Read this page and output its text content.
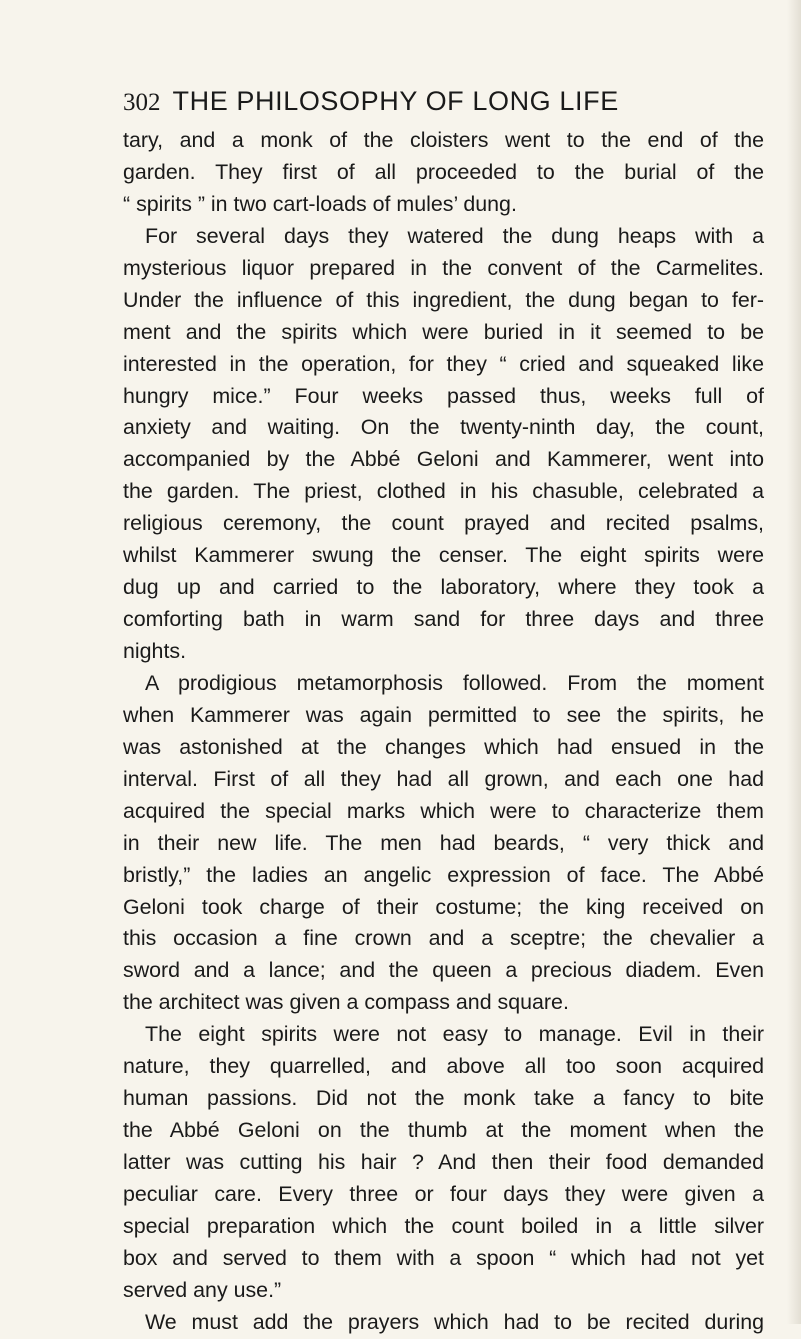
302 THE PHILOSOPHY OF LONG LIFE
tary, and a monk of the cloisters went to the end of the
garden. They first of all proceeded to the burial of the
“ spirits ” in two cart-loads of mules’ dung.
For several days they watered the dung heaps with a
mysterious liquor prepared in the convent of the Carmelites.
Under the influence of this ingredient, the dung began to fer-
ment and the spirits which were buried in it seemed to be
interested in the operation, for they “ cried and squeaked like
hungry mice.” Four weeks passed thus, weeks full of
anxiety and waiting. On the twenty-ninth day, the count,
accompanied by the Abbé Geloni and Kammerer, went into
the garden. The priest, clothed in his chasuble, celebrated a
religious ceremony, the count prayed and recited psalms,
whilst Kammerer swung the censer. The eight spirits were
dug up and carried to the laboratory, where they took a
comforting bath in warm sand for three days and three
nights.
A prodigious metamorphosis followed. From the moment
when Kammerer was again permitted to see the spirits, he
was astonished at the changes which had ensued in the
interval. First of all they had all grown, and each one had
acquired the special marks which were to characterize them
in their new life. The men had beards, “ very thick and
bristly,” the ladies an angelic expression of face. The Abbé
Geloni took charge of their costume; the king received on
this occasion a fine crown and a sceptre; the chevalier a
sword and a lance; and the queen a precious diadem. Even
the architect was given a compass and square.
The eight spirits were not easy to manage. Evil in their
nature, they quarrelled, and above all too soon acquired
human passions. Did not the monk take a fancy to bite
the Abbé Geloni on the thumb at the moment when the
latter was cutting his hair ? And then their food demanded
peculiar care. Every three or four days they were given a
special preparation which the count boiled in a little silver
box and served to them with a spoon “ which had not yet
served any use.”
We must add the prayers which had to be recited during
